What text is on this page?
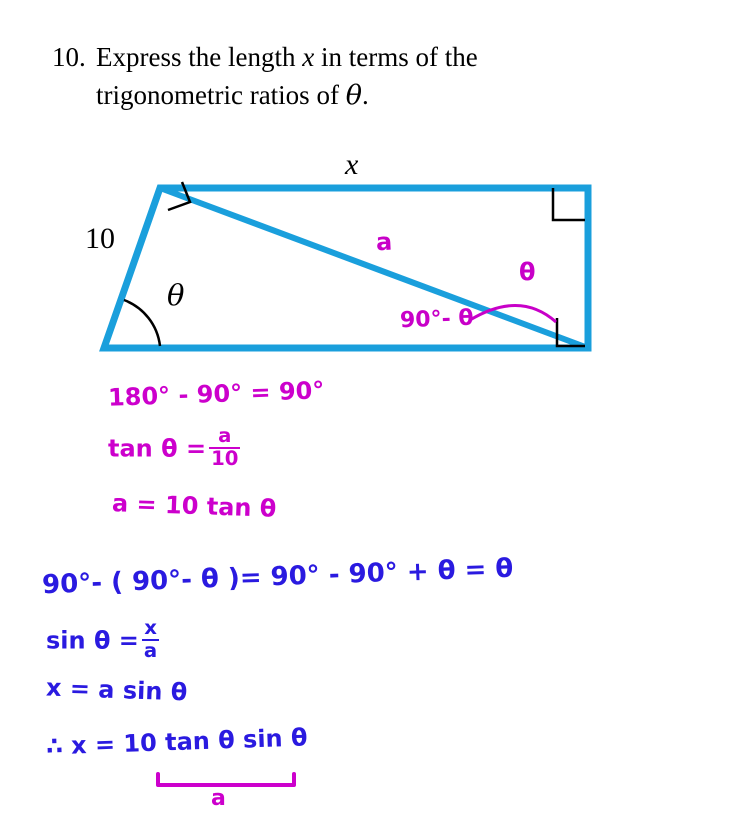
10. Express the length x in terms of the
trigonometric ratios of θ.
x
10
θ
a
θ
90°- θ
180° - 90° = 90°
$\tan \theta = \frac{a}{10}$
a = 10 tan θ
90°- ( 90°- θ )= 90° - 90° + θ = θ
$\sin \theta = \frac{x}{a}$
x = a sin θ
∴ x = 10 tan θ sin θ
a
